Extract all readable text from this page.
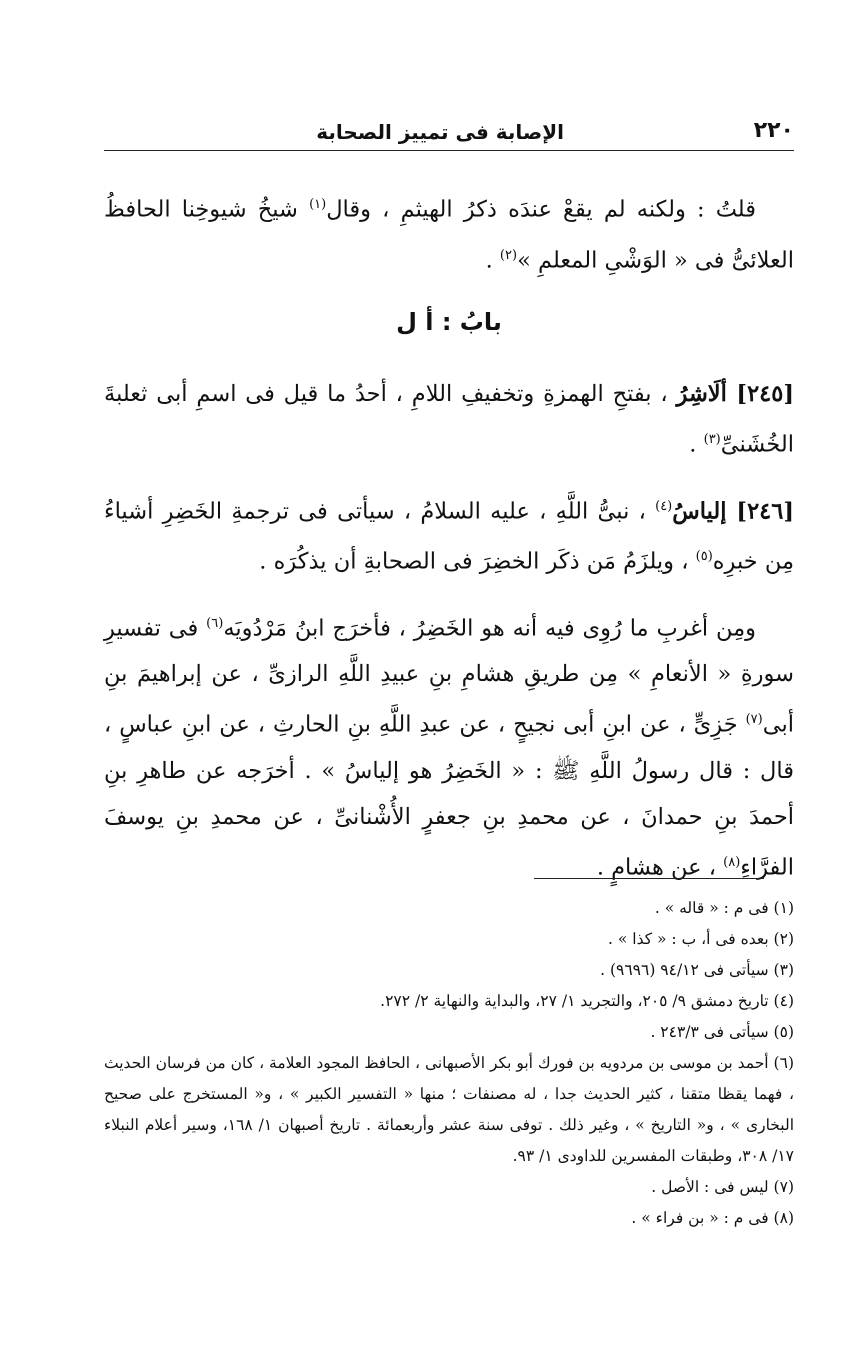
الإصابة فى تمييز الصحابة	٢٢٠

قلتُ : ولكنه لم يقعْ عندَه ذكرُ الهيثمِ ، وقال$^{(١)}$ شيخُ شيوخِنا الحافظُ العلائىُّ فى « الوَشْىِ المعلمِ »$^{(٢)}$ .

بابُ : أ ل

[٢٤٥] ألَاشِرُ ، بفتحِ الهمزةِ وتخفيفِ اللامِ ، أحدُ ما قيل فى اسمِ أبى ثعلبةَ الخُشَنىِّ$^{(٣)}$ .

[٢٤٦] إلياسُ$^{(٤)}$ ، نبىُّ اللَّهِ ، عليه السلامُ ، سيأتى فى ترجمةِ الخَضِرِ أشياءُ مِن خبرِه$^{(٥)}$ ، ويلزَمُ مَن ذكَر الخضِرَ فى الصحابةِ أن يذكُرَه .

ومِن أغربِ ما رُوِى فيه أنه هو الخَضِرُ ، فأخرَج ابنُ مَرْدُويَه$^{(٦)}$ فى تفسيرِ سورةِ « الأنعامِ » مِن طريقِ هشامِ بنِ عبيدِ اللَّهِ الرازىِّ ، عن إبراهيمَ بنِ أبى$^{(٧)}$ جَزِىٍّ ، عن ابنِ أبى نجيحٍ ، عن عبدِ اللَّهِ بنِ الحارثِ ، عن ابنِ عباسٍ ، قال : قال رسولُ اللَّهِ ﷺ : « الخَضِرُ هو إلياسُ » . أخرَجه عن طاهرِ بنِ أحمدَ بنِ حمدانَ ، عن محمدِ بنِ جعفرٍ الأُشْنانىِّ ، عن محمدِ بنِ يوسفَ الفرَّاءِ$^{(٨)}$ ، عن هشامٍ .

(١) فى م : « قاله » .

(٢) بعده فى أ، ب : « كذا » .

(٣) سيأتى فى ٩٤/١٢ (٩٦٩٦) .

(٤) تاريخ دمشق ٩/ ٢٠٥، والتجريد ١/ ٢٧، والبداية والنهاية ٢/ ٢٧٢.

(٥) سيأتى فى ٢٤٣/٣ .

(٦) أحمد بن موسى بن مردويه بن فورك أبو بكر الأصبهانى ، الحافظ المجود العلامة ، كان من فرسان الحديث ، فهما يقظا متقنا ، كثير الحديث جدا ، له مصنفات ؛ منها « التفسير الكبير » ، و« المستخرج على صحيح البخارى » ، و« التاريخ » ، وغير ذلك . توفى سنة عشر وأربعمائة . تاريخ أصبهان ١/ ١٦٨، وسير أعلام النبلاء ١٧/ ٣٠٨، وطبقات المفسرين للداودى ١/ ٩٣.

(٧) ليس فى : الأصل .

(٨) فى م : « بن فراء » .
